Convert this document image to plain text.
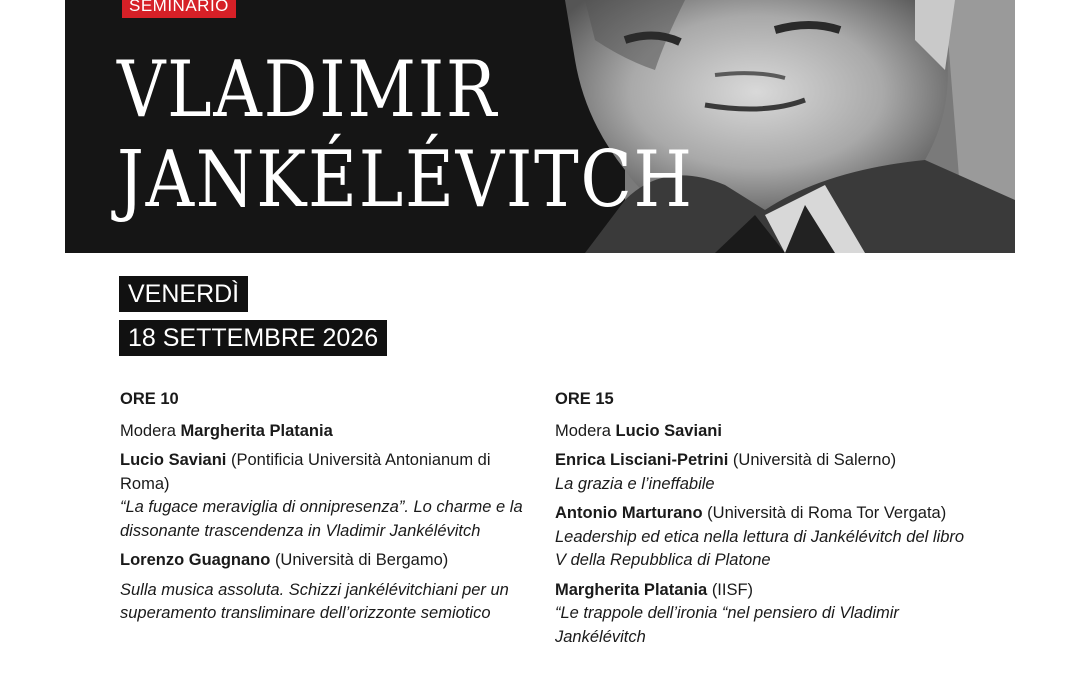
SEMINARIO
VLADIMIR
JANKÉLÉVITCH
VENERDÌ
18 SETTEMBRE 2026
ORE 10
Modera Margherita Platania
Lucio Saviani (Pontificia Università Antonianum di Roma)
“La fugace meraviglia di onnipresenza”. Lo charme e la dissonante trascendenza in Vladimir Jankélévitch
Lorenzo Guagnano (Università di Bergamo)
Sulla musica assoluta. Schizzi jankélévitchiani per un superamento transliminare dell’orizzonte semiotico
ORE 15
Modera Lucio Saviani
Enrica Lisciani-Petrini (Università di Salerno)
La grazia e l’ineffabile
Antonio Marturano (Università di Roma Tor Vergata)
Leadership ed etica nella lettura di Jankélévitch del libro V della Repubblica di Platone
Margherita Platania (IISF)
“Le trappole dell’ironia “nel pensiero di Vladimir Jankélévitch
